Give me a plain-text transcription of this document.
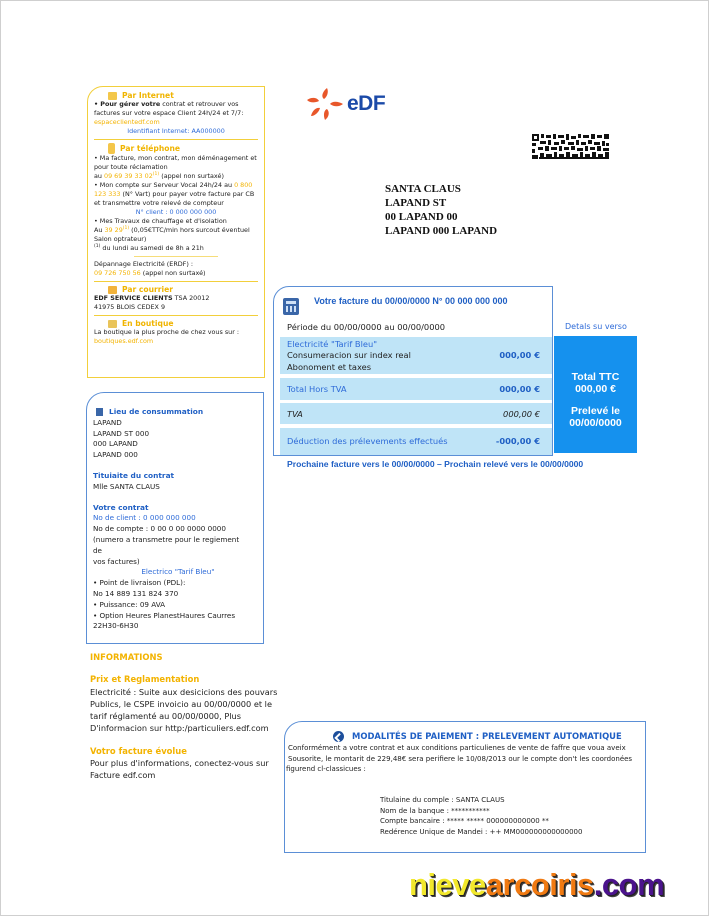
Par Internet
• Pour gérer votre contrat et retrouver vos factures sur votre espace Client 24h/24 et 7/7:
espaceclientedf.com
Identifiant Internet: AA000000
Par téléphone
• Ma facture, mon contrat, mon déménagement et pour toute réclamation
au 09 69 39 33 02$^{(1)}$ (appel non surtaxé)
• Mon compte sur Serveur Vocal 24h/24 au 0 800 123 333 (N° Vart) pour payer votre facture par CB et transmettre votre relevé de compteur
N° client : 0 000 000 000
• Mes Travaux de chauffage et d'isolation
Au 39 29$^{(1)}$ (0,05€TTC/min hors surcout éventuel Salon optrateur)
$^{(1)}$ du lundi au samedi de 8h a 21h
Dépannage Electricité (ERDF) :
09 726 750 56 (appel non surtaxé)
Par courrier
EDF SERVICE CLIENTS TSA 20012
41975 BLOIS CEDEX 9
En boutique
La boutique la plus proche de chez vous sur :
boutiques.edf.com
eDF
SANTA CLAUS
LAPAND ST
00 LAPAND 00
LAPAND 000 LAPAND
Votre facture du 00/00/0000 N° 00 000 000 000
Période du 00/00/0000 au 00/00/0000
Electricité "Tarif Bleu"
Consumeracion sur index real
Abonoment et taxes
000,00 €
Total Hors TVA	000,00 €
TVA	000,00 €
Déduction des prélevements effectués	-000,00 €
Detals su verso
Total TTC
000,00 €
Prelevé le
00/00/0000
Prochaine facture vers le 00/00/0000 – Prochain relevé vers le 00/00/0000
Lieu de consummation
LAPAND
LAPAND ST 000
000 LAPAND
LAPAND 000
Tituiaite du contrat
Mlle SANTA CLAUS
Votre contrat
No de client : 0 000 000 000
No de compte : 0 00 0 00 0000 0000
(numero a transmetre pour le regiement
de
vos factures)
Electrico "Tarif Bleu"
• Point de livraison (PDL):
No 14 889 131 824 370
• Puissance: 09 AVA
• Option Heures PlanestHaures Caurres
22H30-6H30
INFORMATIONS
Prix et Reglamentation
Electricité : Suite aux desicicions des pouvars Publics, le CSPE invoicio au 00/00/0000 et le tarif réglamenté au 00/00/0000, Plus D'informacion sur http:/particuliers.edf.com
Votro facture évolue
Pour plus d'informations, conectez-vous sur Facture edf.com
MODALITÉS DE PAIEMENT : PRELEVEMENT AUTOMATIQUE
Conformément a votre contrat et aux conditions particulienes de vente de faffre que voua aveix
Sousorite, le montarit de 229,48€ sera perifiere le 10/08/2013 our le compte don't les coordonées
figurend cl-classicues :
Titulaine du comple : SANTA CLAUS
Nom de la banque : ***********
Compte bancaire : ***** ***** 000000000000 **
Redérence Unique de Mandei : ++ MM000000000000000
nievearcoiris.com
